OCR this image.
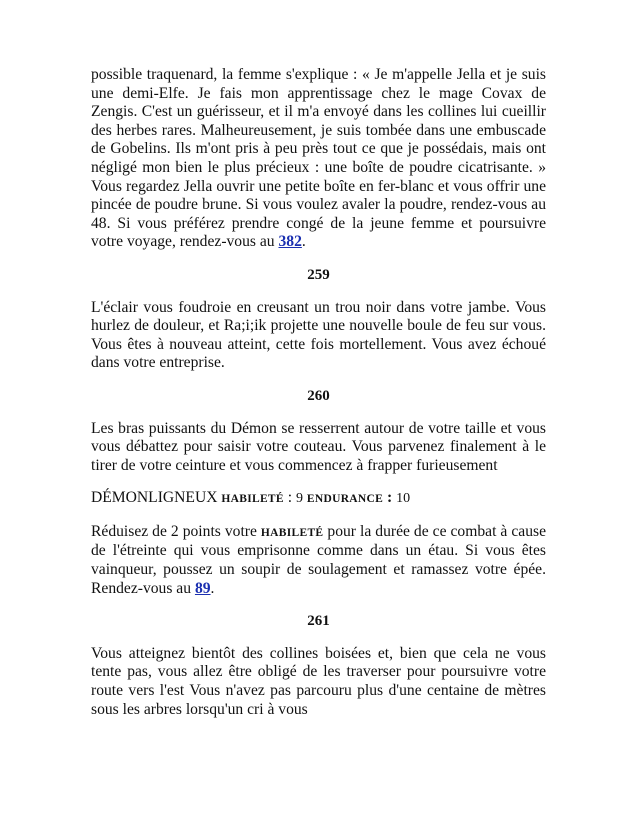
possible traquenard, la femme s'explique : « Je m'appelle Jella et je suis une demi-Elfe. Je fais mon apprentissage chez le mage Covax de Zengis. C'est un guérisseur, et il m'a envoyé dans les collines lui cueillir des herbes rares. Malheureusement, je suis tombée dans une embuscade de Gobelins. Ils m'ont pris à peu près tout ce que je possédais, mais ont négligé mon bien le plus précieux : une boîte de poudre cicatrisante. » Vous regardez Jella ouvrir une petite boîte en fer-blanc et vous offrir une pincée de poudre brune. Si vous voulez avaler la poudre, rendez-vous au 48. Si vous préférez prendre congé de la jeune femme et poursuivre votre voyage, rendez-vous au 382.

259

L'éclair vous foudroie en creusant un trou noir dans votre jambe. Vous hurlez de douleur, et Ra;i;ik projette une nouvelle boule de feu sur vous. Vous êtes à nouveau atteint, cette fois mortellement. Vous avez échoué dans votre entreprise.

260

Les bras puissants du Démon se resserrent autour de votre taille et vous vous débattez pour saisir votre couteau. Vous parvenez finalement à le tirer de votre ceinture et vous commencez à frapper furieusement

DÉMONLIGNEUX HABILETÉ : 9 ENDURANCE : 10

Réduisez de 2 points votre HABILETÉ pour la durée de ce combat à cause de l'étreinte qui vous emprisonne comme dans un étau. Si vous êtes vainqueur, poussez un soupir de soulagement et ramassez votre épée. Rendez-vous au 89.

261

Vous atteignez bientôt des collines boisées et, bien que cela ne vous tente pas, vous allez être obligé de les traverser pour poursuivre votre route vers l'est Vous n'avez pas parcouru plus d'une centaine de mètres sous les arbres lorsqu'un cri à vous
